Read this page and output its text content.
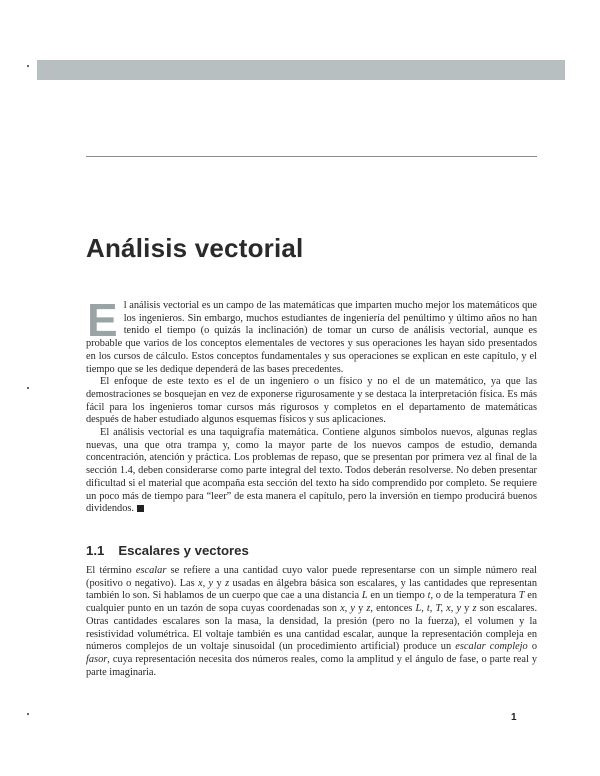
Análisis vectorial

El análisis vectorial es un campo de las matemáticas que imparten mucho mejor los matemáticos que los ingenieros. Sin embargo, muchos estudiantes de ingeniería del penúltimo y último años no han tenido el tiempo (o quizás la inclinación) de tomar un curso de análisis vectorial, aunque es probable que varios de los conceptos elementales de vectores y sus operaciones les hayan sido presentados en los cursos de cálculo. Estos conceptos fundamentales y sus operaciones se explican en este capítulo, y el tiempo que se les dedique dependerá de las bases precedentes.

El enfoque de este texto es el de un ingeniero o un físico y no el de un matemático, ya que las demostraciones se bosquejan en vez de exponerse rigurosamente y se destaca la interpretación física. Es más fácil para los ingenieros tomar cursos más rigurosos y completos en el departamento de matemáticas después de haber estudiado algunos esquemas físicos y sus aplicaciones.

El análisis vectorial es una taquigrafía matemática. Contiene algunos símbolos nuevos, algunas reglas nuevas, una que otra trampa y, como la mayor parte de los nuevos campos de estudio, demanda concentración, atención y práctica. Los problemas de repaso, que se presentan por primera vez al final de la sección 1.4, deben considerarse como parte integral del texto. Todos deberán resolverse. No deben presentar dificultad si el material que acompaña esta sección del texto ha sido comprendido por completo. Se requiere un poco más de tiempo para “leer” de esta manera el capítulo, pero la inversión en tiempo producirá buenos dividendos.

1.1 Escalares y vectores

El término escalar se refiere a una cantidad cuyo valor puede representarse con un simple número real (positivo o negativo). Las x, y y z usadas en álgebra básica son escalares, y las cantidades que representan también lo son. Si hablamos de un cuerpo que cae a una distancia L en un tiempo t, o de la temperatura T en cualquier punto en un tazón de sopa cuyas coordenadas son x, y y z, entonces L, t, T, x, y y z son escalares. Otras cantidades escalares son la masa, la densidad, la presión (pero no la fuerza), el volumen y la resistividad volumétrica. El voltaje también es una cantidad escalar, aunque la representación compleja en números complejos de un voltaje sinusoidal (un procedimiento artificial) produce un escalar complejo o fasor, cuya representación necesita dos números reales, como la amplitud y el ángulo de fase, o parte real y parte imaginaria.

1
